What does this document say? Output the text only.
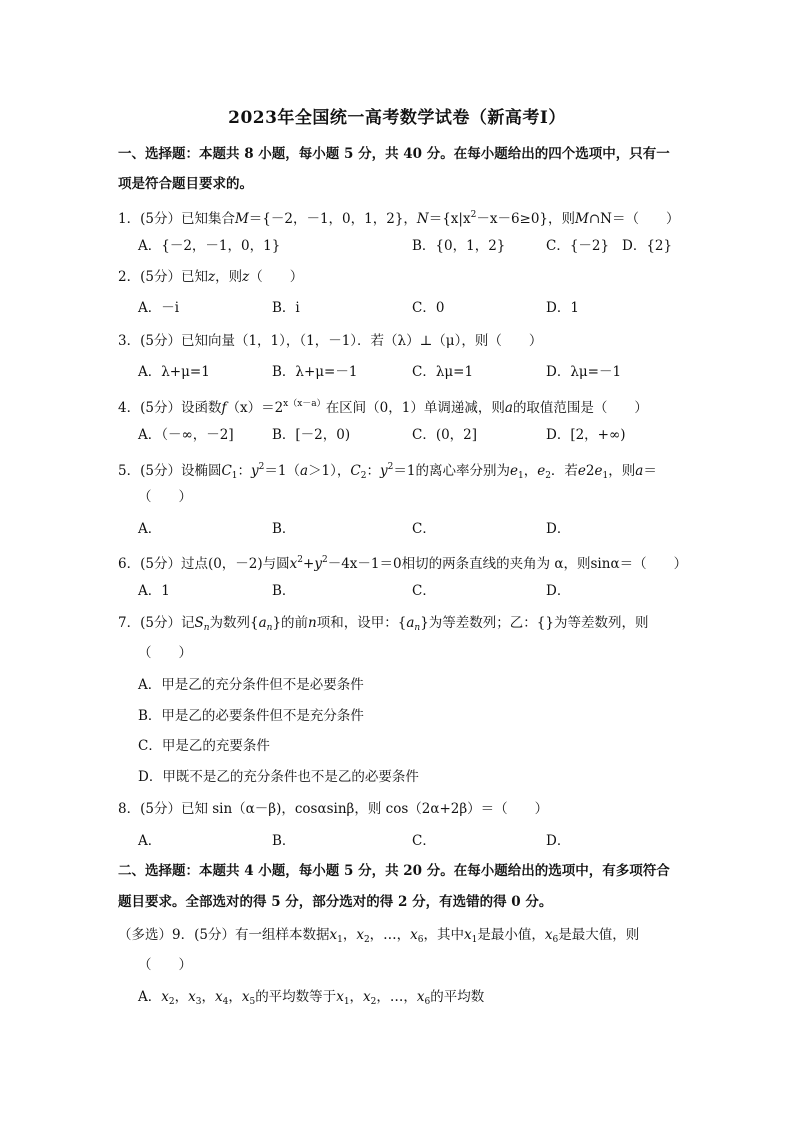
2023年全国统一高考数学试卷（新高考Ⅰ）
一、选择题：本题共 8 小题，每小题 5 分，共 40 分。在每小题给出的四个选项中，只有一
项是符合题目要求的。
1．(5分）已知集合M＝{－2，－1，0，1，2}，$N=\{x|x^2-x-6\ge 0\}$，则M∩N＝（　　）
A．{－2，－1，0，1}	B．{0，1，2}	C．{－2} D．{2}
2．(5分）已知z，则z（　　）
A．－i	B．i	C．0	D．1
3．(5分）已知向量（1，1），（1，－1）．若（λ）⊥（μ），则（　　）
A．λ+μ=1	B．λ+μ=－1	C．λμ=1	D．λμ=－1
4．(5分）设函数$f(x)=2^{x(x-a)}$在区间（0，1）单调递减，则a的取值范围是（　　）
A．（－∞，－2]	B．[－2，0)	C．(0，2]	D．[2，+∞)
5．(5分）设椭圆$C_1$：$y^2=1(a>1)$，$C_2$：$y^2=1$的离心率分别为$e_1$，$e_2$．若$e2e_1$，则a＝
（　　）
A．	B．	C．	D．
6．(5分）过点(0，－2)与圆$x^2+y^2-4x-1=0$相切的两条直线的夹角为 α，则sinα＝（　　）
A．1	B．	C．	D．
7．(5分）记$S_n$为数列$\{a_n\}$的前n项和，设甲：$\{a_n\}$为等差数列；乙：{}为等差数列，则
（　　）
A．甲是乙的充分条件但不是必要条件
B．甲是乙的必要条件但不是充分条件
C．甲是乙的充要条件
D．甲既不是乙的充分条件也不是乙的必要条件
8．(5分）已知 sin（α－β)，cosαsinβ，则 cos（2α+2β）＝（　　）
A．	B．	C．	D．
二、选择题：本题共 4 小题，每小题 5 分，共 20 分。在每小题给出的选项中，有多项符合
题目要求。全部选对的得 5 分，部分选对的得 2 分，有选错的得 0 分。
（多选）9．(5分）有一组样本数据$x_1$，$x_2$，…，$x_6$，其中$x_1$是最小值，$x_6$是最大值，则
（　　）
A．$x_2$，$x_3$，$x_4$，$x_5$的平均数等于$x_1$，$x_2$，…，$x_6$的平均数
